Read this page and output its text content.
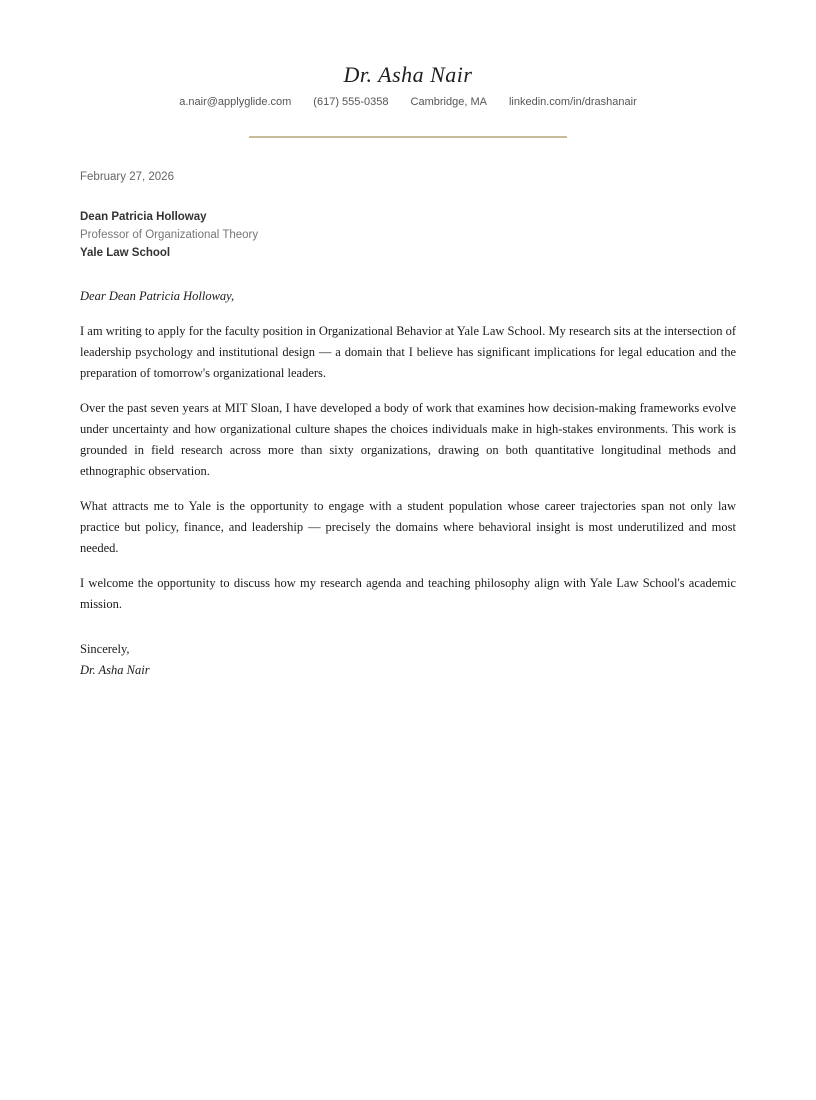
Dr. Asha Nair
a.nair@applyglide.com (617) 555-0358 Cambridge, MA linkedin.com/in/drashanair

February 27, 2026

Dean Patricia Holloway
Professor of Organizational Theory
Yale Law School

Dear Dean Patricia Holloway,

I am writing to apply for the faculty position in Organizational Behavior at Yale Law School. My research sits at the intersection of leadership psychology and institutional design — a domain that I believe has significant implications for legal education and the preparation of tomorrow's organizational leaders.

Over the past seven years at MIT Sloan, I have developed a body of work that examines how decision-making frameworks evolve under uncertainty and how organizational culture shapes the choices individuals make in high-stakes environments. This work is grounded in field research across more than sixty organizations, drawing on both quantitative longitudinal methods and ethnographic observation.

What attracts me to Yale is the opportunity to engage with a student population whose career trajectories span not only law practice but policy, finance, and leadership — precisely the domains where behavioral insight is most underutilized and most needed.

I welcome the opportunity to discuss how my research agenda and teaching philosophy align with Yale Law School's academic mission.

Sincerely,

Dr. Asha Nair
